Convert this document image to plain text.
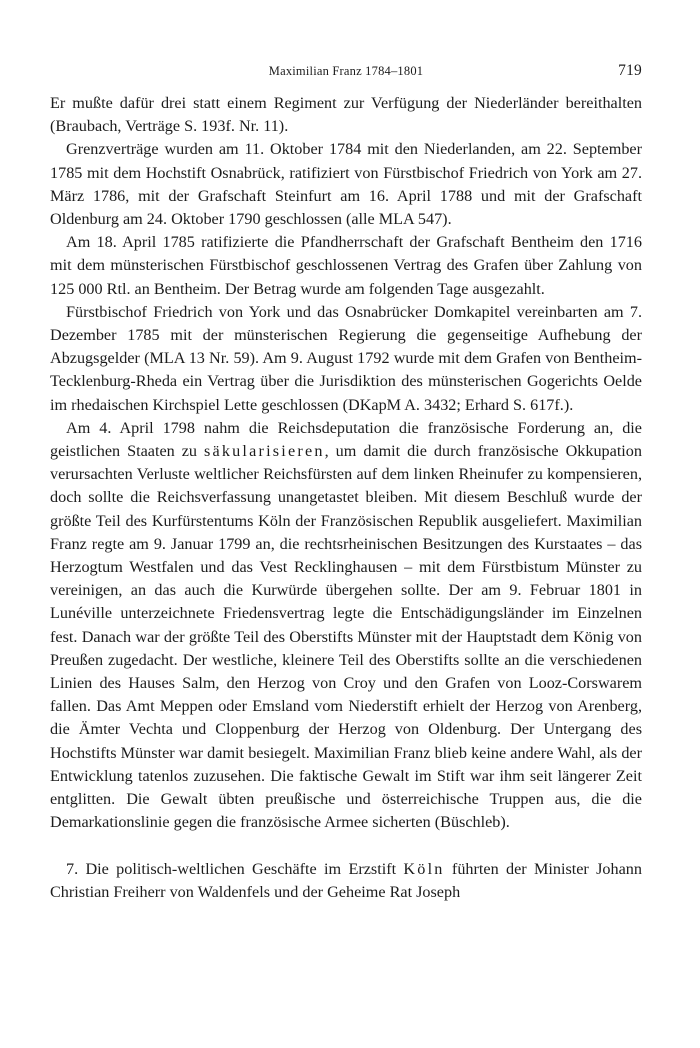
Maximilian Franz 1784–1801	719

Er mußte dafür drei statt einem Regiment zur Verfügung der Niederländer bereithalten (Braubach, Verträge S. 193f. Nr. 11).

Grenzverträge wurden am 11. Oktober 1784 mit den Niederlanden, am 22. September 1785 mit dem Hochstift Osnabrück, ratifiziert von Fürstbischof Friedrich von York am 27. März 1786, mit der Grafschaft Steinfurt am 16. April 1788 und mit der Grafschaft Oldenburg am 24. Oktober 1790 geschlossen (alle MLA 547).

Am 18. April 1785 ratifizierte die Pfandherrschaft der Grafschaft Bentheim den 1716 mit dem münsterischen Fürstbischof geschlossenen Vertrag des Grafen über Zahlung von 125 000 Rtl. an Bentheim. Der Betrag wurde am folgenden Tage ausgezahlt.

Fürstbischof Friedrich von York und das Osnabrücker Domkapitel vereinbarten am 7. Dezember 1785 mit der münsterischen Regierung die gegenseitige Aufhebung der Abzugsgelder (MLA 13 Nr. 59). Am 9. August 1792 wurde mit dem Grafen von Bentheim-Tecklenburg-Rheda ein Vertrag über die Jurisdiktion des münsterischen Gogerichts Oelde im rhedaischen Kirchspiel Lette geschlossen (DKapM A. 3432; Erhard S. 617f.).

Am 4. April 1798 nahm die Reichsdeputation die französische Forderung an, die geistlichen Staaten zu säkularisieren, um damit die durch französische Okkupation verursachten Verluste weltlicher Reichsfürsten auf dem linken Rheinufer zu kompensieren, doch sollte die Reichsverfassung unangetastet bleiben. Mit diesem Beschluß wurde der größte Teil des Kurfürstentums Köln der Französischen Republik ausgeliefert. Maximilian Franz regte am 9. Januar 1799 an, die rechtsrheinischen Besitzungen des Kurstaates – das Herzogtum Westfalen und das Vest Recklinghausen – mit dem Fürstbistum Münster zu vereinigen, an das auch die Kurwürde übergehen sollte. Der am 9. Februar 1801 in Lunéville unterzeichnete Friedensvertrag legte die Entschädigungsländer im Einzelnen fest. Danach war der größte Teil des Oberstifts Münster mit der Hauptstadt dem König von Preußen zugedacht. Der westliche, kleinere Teil des Oberstifts sollte an die verschiedenen Linien des Hauses Salm, den Herzog von Croy und den Grafen von Looz-Corswarem fallen. Das Amt Meppen oder Emsland vom Niederstift erhielt der Herzog von Arenberg, die Ämter Vechta und Cloppenburg der Herzog von Oldenburg. Der Untergang des Hochstifts Münster war damit besiegelt. Maximilian Franz blieb keine andere Wahl, als der Entwicklung tatenlos zuzusehen. Die faktische Gewalt im Stift war ihm seit längerer Zeit entglitten. Die Gewalt übten preußische und österreichische Truppen aus, die die Demarkationslinie gegen die französische Armee sicherten (Büschleb).

7. Die politisch-weltlichen Geschäfte im Erzstift Köln führten der Minister Johann Christian Freiherr von Waldenfels und der Geheime Rat Joseph
